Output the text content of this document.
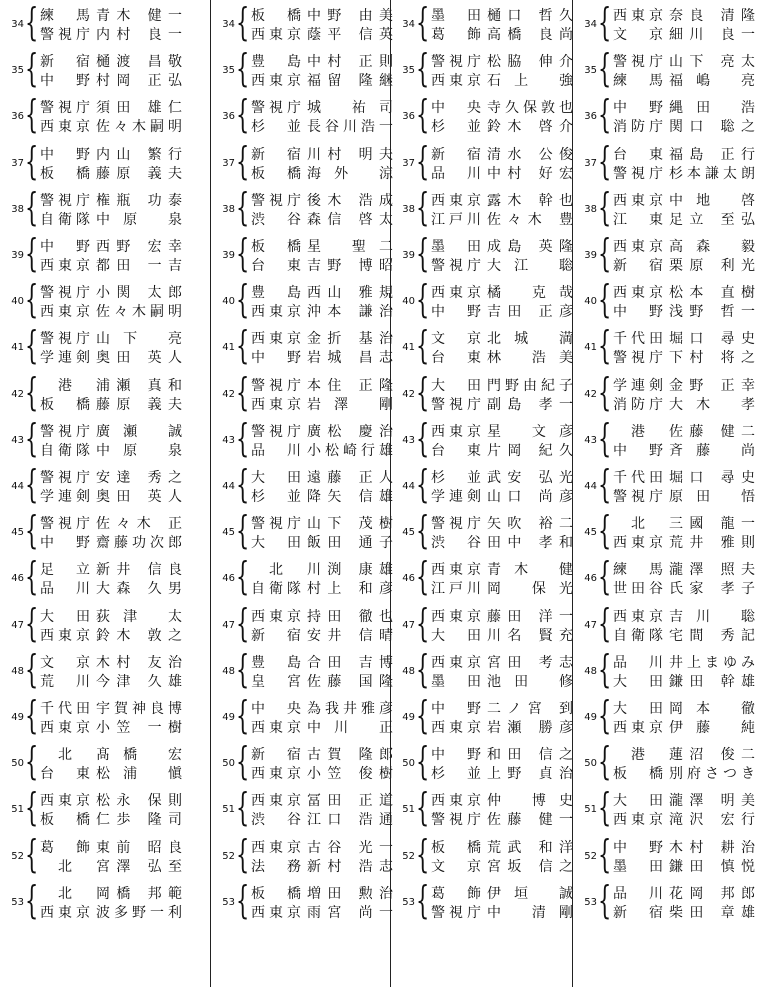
34 { 練 馬 青木 健一
警視庁 内村 良一
35 { 新 宿 樋渡 昌敬
中 野 村岡 正弘
36 { 警視庁 須田 雄仁
西東京 佐々木嗣明
37 { 中 野 内山 繁行
板 橋 藤原 義夫
38 { 警視庁 権瓶 功泰
自衛隊 中原 泉
39 { 中 野 西野 宏幸
西東京 都田 一吉
40 { 警視庁 小関 太郎
西東京 佐々木嗣明
41 { 警視庁 山下 亮
学連剣 奥田 英人
42 {	港	浦瀬 真和
板 橋 藤原 義夫
43 { 警視庁 廣瀬 誠
自衛隊 中原 泉
44 { 警視庁 安達 秀之
学連剣 奥田 英人
45 { 警視庁 佐々木 正
中 野 齋藤功次郎
46 { 足 立 新井 信良
品 川 大森 久男
47 { 大 田 荻津 太
西東京 鈴木 敦之
48 { 文 京 木村 友治
荒 川 今津 久雄
49 { 千代田 宇賀神良博
西東京 小笠 一樹
50 {	北	髙橋 宏
台 東 松浦 愼
51 { 西東京 松永 保則
板 橋 仁歩 隆司
52 { 葛 飾 東前 昭良
北	宮澤 弘至
53 {	北	岡橋 邦範
西東京 波多野一利
34 { 板 橋 中野 由美
西東京 蔭平 信英
35 { 豊 島 中村 正則
西東京 福留 隆継
36 { 警視庁 城 祐司
杉 並 長谷川浩一
37 { 新 宿 川村 明夫
板 橋 海外 涼
38 { 警視庁 後木 浩成
渋 谷 森信 啓太
39 { 板 橋 星 聖二
台 東 吉野 博昭
40 { 豊 島 西山 雅規
西東京 沖本 謙治
41 { 西東京 金折 基治
中 野 岩城 昌志
42 { 警視庁 本住 正隆
西東京 岩澤 剛
43 { 警視庁 廣松 慶治
品 川 小松崎行雄
44 { 大 田 遠藤 正人
杉 並 降矢 信雄
45 { 警視庁 山下 茂樹
大 田 飯田 通子
46 {	北	川渕 康雄
自衛隊 村上 和彦
47 { 西東京 持田 徹也
新 宿 安井 信晴
48 { 豊 島 合田 吉博
皇 宮 佐藤 国隆
49 { 中 央 為我井雅彦
西東京 中川 正
50 { 新 宿 古賀 隆郎
西東京 小笠 俊樹
51 { 西東京 冨田 正道
渋 谷 江口 浩通
52 { 西東京 古谷 光一
法 務 新村 浩志
53 { 板 橋 増田 勲治
西東京 雨宮 尚一
34 { 墨 田 樋口 哲久
葛 飾 高橋 良尚
35 { 警視庁 松脇 伸介
西東京 石上 強
36 { 中 央 寺久保敦也
杉 並 鈴木 啓介
37 { 新 宿 清水 公俊
品 川 中村 好宏
38 { 西東京 露木 幹也
江戸川 佐々木 豊
39 { 墨 田 成島 英隆
警視庁 大江 聡
40 { 西東京 橘 克哉
中 野 吉田 正彦
41 { 文 京 北城 満
台 東 林 浩美
42 { 大 田 門野由紀子
警視庁 副島 孝一
43 { 西東京 星 文彦
台 東 片岡 紀久
44 { 杉 並 武安 弘光
学連剣 山口 尚彦
45 { 警視庁 矢吹 裕二
渋 谷 田中 孝和
46 { 西東京 青木 健
江戸川 岡 保光
47 { 西東京 藤田 洋一
大 田 川名 賢充
48 { 西東京 宮田 考志
墨 田 池田 修
49 { 中 野 二ノ宮 到
西東京 岩瀬 勝彦
50 { 中 野 和田 信之
杉 並 上野 貞治
51 { 西東京 仲 博史
警視庁 佐藤 健一
52 { 板 橋 荒武 和洋
文 京 宮坂 信之
53 { 葛 飾 伊垣 誠
警視庁 中 清剛
34 { 西東京 奈良 清隆
文 京 細川 良一
35 { 警視庁 山下 亮太
練 馬 福嶋 亮
36 { 中 野 縄田 浩
消防庁 関口 聡之
37 { 台 東 福島 正行
警視庁 杉本謙太朗
38 { 西東京 中地 啓
江 東 足立 至弘
39 { 西東京 高森 毅
新 宿 栗原 利光
40 { 西東京 松本 直樹
中 野 浅野 哲一
41 { 千代田 堀口 尋史
警視庁 下村 将之
42 { 学連剣 金野 正幸
消防庁 大木 孝
43 {	港	佐藤 健二
中 野 斉藤 尚
44 { 千代田 堀口 尋史
警視庁 原田 悟
45 {	北	三國 龍一
西東京 荒井 雅則
46 { 練 馬 瀧澤 照夫
世田谷 氏家 孝子
47 { 西東京 吉川 聡
自衛隊 宅間 秀記
48 { 品 川 井上まゆみ
大 田 鎌田 幹雄
49 { 大 田 岡本 徹
西東京 伊藤 純
50 {	港	蓮沼 俊二
板 橋 別府さつき
51 { 大 田 瀧澤 明美
西東京 滝沢 宏行
52 { 中 野 木村 耕治
墨 田 鎌田 慎悦
53 { 品 川 花岡 邦郎
新 宿 柴田 章雄
